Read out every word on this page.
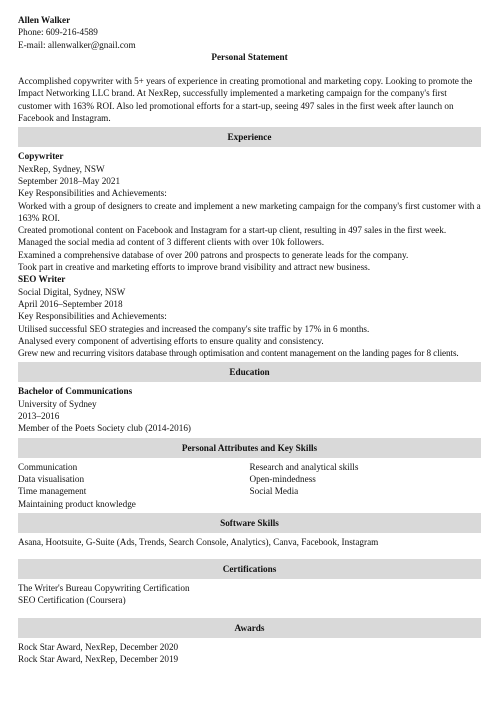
Allen Walker
Phone: 609-216-4589
E-mail: allenwalker@gnail.com
Personal Statement
Accomplished copywriter with 5+ years of experience in creating promotional and marketing copy. Looking to promote the Impact Networking LLC brand. At NexRep, successfully implemented a marketing campaign for the company's first customer with 163% ROI. Also led promotional efforts for a start-up, seeing 497 sales in the first week after launch on Facebook and Instagram.
Experience
Copywriter
NexRep, Sydney, NSW
September 2018–May 2021
Key Responsibilities and Achievements:
Worked with a group of designers to create and implement a new marketing campaign for the company's first customer with a 163% ROI.
Created promotional content on Facebook and Instagram for a start-up client, resulting in 497 sales in the first week.
Managed the social media ad content of 3 different clients with over 10k followers.
Examined a comprehensive database of over 200 patrons and prospects to generate leads for the company.
Took part in creative and marketing efforts to improve brand visibility and attract new business.
SEO Writer
Social Digital, Sydney, NSW
April 2016–September 2018
Key Responsibilities and Achievements:
Utilised successful SEO strategies and increased the company's site traffic by 17% in 6 months.
Analysed every component of advertising efforts to ensure quality and consistency.
Grew new and recurring visitors database through optimisation and content management on the landing pages for 8 clients.
Education
Bachelor of Communications
University of Sydney
2013–2016
Member of the Poets Society club (2014-2016)
Personal Attributes and Key Skills
Communication
Data visualisation
Time management
Maintaining product knowledge
Research and analytical skills
Open-mindedness
Social Media
Software Skills
Asana, Hootsuite, G-Suite (Ads, Trends, Search Console, Analytics), Canva, Facebook, Instagram
Certifications
The Writer's Bureau Copywriting Certification
SEO Certification (Coursera)
Awards
Rock Star Award, NexRep, December 2020
Rock Star Award, NexRep, December 2019
